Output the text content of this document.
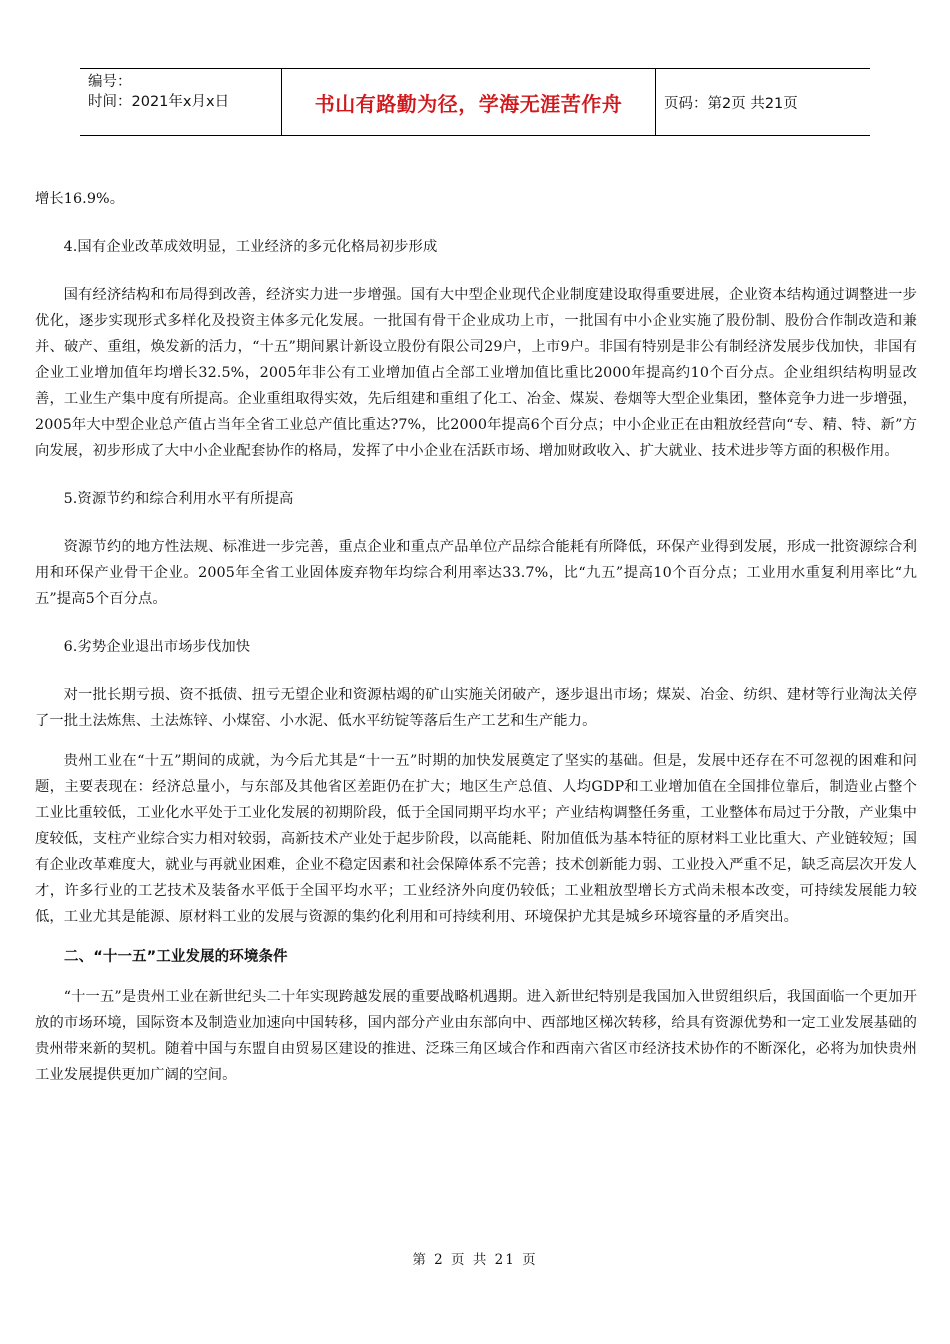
编号：
时间：2021年x月x日	书山有路勤为径，学海无涯苦作舟	页码：第2页 共21页

增长16.9%。

4.国有企业改革成效明显，工业经济的多元化格局初步形成

国有经济结构和布局得到改善，经济实力进一步增强。国有大中型企业现代企业制度建设取得重要进展，企业资本结构通过调整进一步优化，逐步实现形式多样化及投资主体多元化发展。一批国有骨干企业成功上市，一批国有中小企业实施了股份制、股份合作制改造和兼并、破产、重组，焕发新的活力，“十五”期间累计新设立股份有限公司29户，上市9户。非国有特别是非公有制经济发展步伐加快，非国有企业工业增加值年均增长32.5%，2005年非公有工业增加值占全部工业增加值比重比2000年提高约10个百分点。企业组织结构明显改善，工业生产集中度有所提高。企业重组取得实效，先后组建和重组了化工、冶金、煤炭、卷烟等大型企业集团，整体竞争力进一步增强，2005年大中型企业总产值占当年全省工业总产值比重达?7%，比2000年提高6个百分点；中小企业正在由粗放经营向“专、精、特、新”方向发展，初步形成了大中小企业配套协作的格局，发挥了中小企业在活跃市场、增加财政收入、扩大就业、技术进步等方面的积极作用。

5.资源节约和综合利用水平有所提高

资源节约的地方性法规、标准进一步完善，重点企业和重点产品单位产品综合能耗有所降低，环保产业得到发展，形成一批资源综合利用和环保产业骨干企业。2005年全省工业固体废弃物年均综合利用率达33.7%，比“九五”提高10个百分点；工业用水重复利用率比“九五”提高5个百分点。

6.劣势企业退出市场步伐加快

对一批长期亏损、资不抵债、扭亏无望企业和资源枯竭的矿山实施关闭破产，逐步退出市场；煤炭、冶金、纺织、建材等行业淘汰关停了一批土法炼焦、土法炼锌、小煤窑、小水泥、低水平纺锭等落后生产工艺和生产能力。

贵州工业在“十五”期间的成就，为今后尤其是“十一五”时期的加快发展奠定了坚实的基础。但是，发展中还存在不可忽视的困难和问题，主要表现在：经济总量小，与东部及其他省区差距仍在扩大；地区生产总值、人均GDP和工业增加值在全国排位靠后，制造业占整个工业比重较低，工业化水平处于工业化发展的初期阶段，低于全国同期平均水平；产业结构调整任务重，工业整体布局过于分散，产业集中度较低，支柱产业综合实力相对较弱，高新技术产业处于起步阶段，以高能耗、附加值低为基本特征的原材料工业比重大、产业链较短；国有企业改革难度大，就业与再就业困难，企业不稳定因素和社会保障体系不完善；技术创新能力弱、工业投入严重不足，缺乏高层次开发人才，许多行业的工艺技术及装备水平低于全国平均水平；工业经济外向度仍较低；工业粗放型增长方式尚未根本改变，可持续发展能力较低，工业尤其是能源、原材料工业的发展与资源的集约化利用和可持续利用、环境保护尤其是城乡环境容量的矛盾突出。

二、“十一五”工业发展的环境条件

“十一五”是贵州工业在新世纪头二十年实现跨越发展的重要战略机遇期。进入新世纪特别是我国加入世贸组织后，我国面临一个更加开放的市场环境，国际资本及制造业加速向中国转移，国内部分产业由东部向中、西部地区梯次转移，给具有资源优势和一定工业发展基础的贵州带来新的契机。随着中国与东盟自由贸易区建设的推进、泛珠三角区域合作和西南六省区市经济技术协作的不断深化，必将为加快贵州工业发展提供更加广阔的空间。

第 2 页 共 21 页
